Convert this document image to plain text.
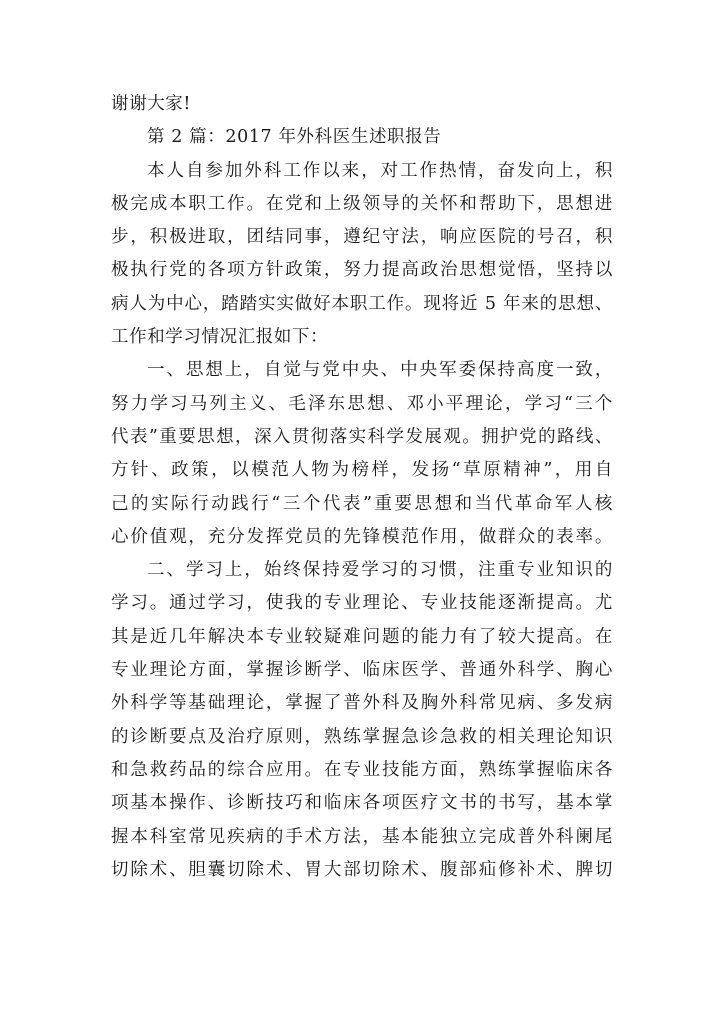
谢谢大家!
第 2 篇：2017 年外科医生述职报告
本人自参加外科工作以来，对工作热情，奋发向上，积
极完成本职工作。在党和上级领导的关怀和帮助下，思想进
步，积极进取，团结同事，遵纪守法，响应医院的号召，积
极执行党的各项方针政策，努力提高政治思想觉悟，坚持以
病人为中心，踏踏实实做好本职工作。现将近 5 年来的思想、
工作和学习情况汇报如下：
一、思想上，自觉与党中央、中央军委保持高度一致，
努力学习马列主义、毛泽东思想、邓小平理论，学习“三个
代表”重要思想，深入贯彻落实科学发展观。拥护党的路线、
方针、政策，以模范人物为榜样，发扬“草原精神”，用自
己的实际行动践行“三个代表”重要思想和当代革命军人核
心价值观，充分发挥党员的先锋模范作用，做群众的表率。
二、学习上，始终保持爱学习的习惯，注重专业知识的
学习。通过学习，使我的专业理论、专业技能逐渐提高。尤
其是近几年解决本专业较疑难问题的能力有了较大提高。在
专业理论方面，掌握诊断学、临床医学、普通外科学、胸心
外科学等基础理论，掌握了普外科及胸外科常见病、多发病
的诊断要点及治疗原则，熟练掌握急诊急救的相关理论知识
和急救药品的综合应用。在专业技能方面，熟练掌握临床各
项基本操作、诊断技巧和临床各项医疗文书的书写，基本掌
握本科室常见疾病的手术方法，基本能独立完成普外科阑尾
切除术、胆囊切除术、胃大部切除术、腹部疝修补术、脾切
